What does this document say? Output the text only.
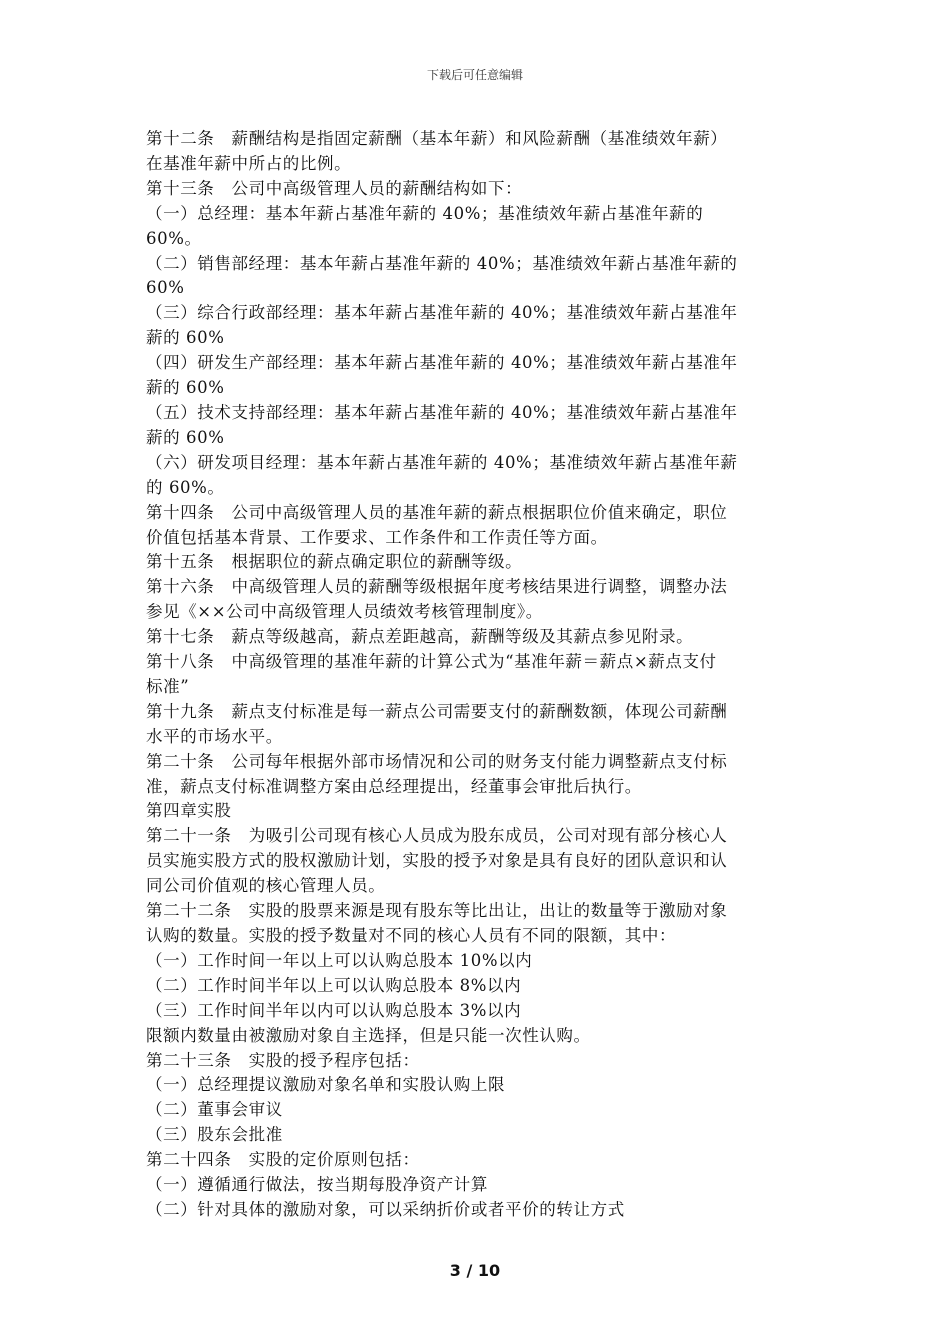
下载后可任意编辑
第十二条　薪酬结构是指固定薪酬（基本年薪）和风险薪酬（基准绩效年薪）
在基准年薪中所占的比例。
第十三条　公司中高级管理人员的薪酬结构如下：
（一）总经理：基本年薪占基准年薪的 40%；基准绩效年薪占基准年薪的
60%。
（二）销售部经理：基本年薪占基准年薪的 40%；基准绩效年薪占基准年薪的
60%
（三）综合行政部经理：基本年薪占基准年薪的 40%；基准绩效年薪占基准年
薪的 60%
（四）研发生产部经理：基本年薪占基准年薪的 40%；基准绩效年薪占基准年
薪的 60%
（五）技术支持部经理：基本年薪占基准年薪的 40%；基准绩效年薪占基准年
薪的 60%
（六）研发项目经理：基本年薪占基准年薪的 40%；基准绩效年薪占基准年薪
的 60%。
第十四条　公司中高级管理人员的基准年薪的薪点根据职位价值来确定，职位
价值包括基本背景、工作要求、工作条件和工作责任等方面。
第十五条　根据职位的薪点确定职位的薪酬等级。
第十六条　中高级管理人员的薪酬等级根据年度考核结果进行调整，调整办法
参见《××公司中高级管理人员绩效考核管理制度》。
第十七条　薪点等级越高，薪点差距越高，薪酬等级及其薪点参见附录。
第十八条　中高级管理的基准年薪的计算公式为“基准年薪＝薪点×薪点支付
标准”
第十九条　薪点支付标准是每一薪点公司需要支付的薪酬数额，体现公司薪酬
水平的市场水平。
第二十条　公司每年根据外部市场情况和公司的财务支付能力调整薪点支付标
准，薪点支付标准调整方案由总经理提出，经董事会审批后执行。
第四章实股
第二十一条　为吸引公司现有核心人员成为股东成员，公司对现有部分核心人
员实施实股方式的股权激励计划，实股的授予对象是具有良好的团队意识和认
同公司价值观的核心管理人员。
第二十二条　实股的股票来源是现有股东等比出让，出让的数量等于激励对象
认购的数量。实股的授予数量对不同的核心人员有不同的限额，其中：
（一）工作时间一年以上可以认购总股本 10%以内
（二）工作时间半年以上可以认购总股本 8%以内
（三）工作时间半年以内可以认购总股本 3%以内
限额内数量由被激励对象自主选择，但是只能一次性认购。
第二十三条　实股的授予程序包括：
（一）总经理提议激励对象名单和实股认购上限
（二）董事会审议
（三）股东会批准
第二十四条　实股的定价原则包括：
（一）遵循通行做法，按当期每股净资产计算
（二）针对具体的激励对象，可以采纳折价或者平价的转让方式
3 / 10
